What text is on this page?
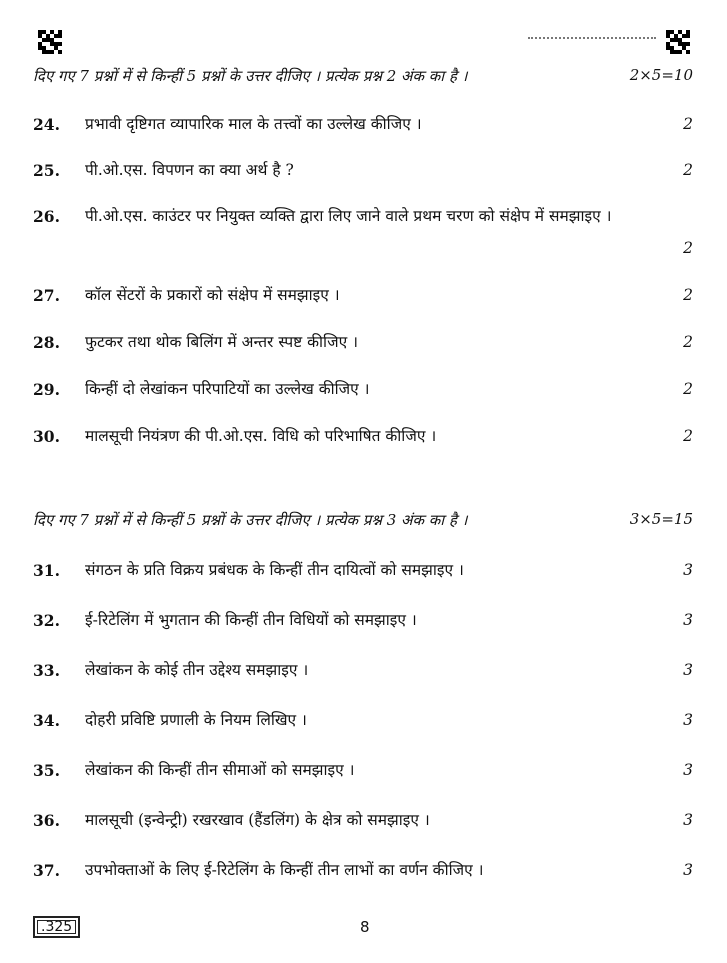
दिए गए 7 प्रश्नों में से किन्हीं 5 प्रश्नों के उत्तर दीजिए । प्रत्येक प्रश्न 2 अंक का है ।	2×5=10
24. प्रभावी दृष्टिगत व्यापारिक माल के तत्त्वों का उल्लेख कीजिए ।	2
25. पी.ओ.एस. विपणन का क्या अर्थ है ?	2
26. पी.ओ.एस. काउंटर पर नियुक्त व्यक्ति द्वारा लिए जाने वाले प्रथम चरण को संक्षेप में समझाइए ।
2
27. कॉल सेंटरों के प्रकारों को संक्षेप में समझाइए ।	2
28. फुटकर तथा थोक बिलिंग में अन्तर स्पष्ट कीजिए ।	2
29. किन्हीं दो लेखांकन परिपाटियों का उल्लेख कीजिए ।	2
30. मालसूची नियंत्रण की पी.ओ.एस. विधि को परिभाषित कीजिए ।	2
दिए गए 7 प्रश्नों में से किन्हीं 5 प्रश्नों के उत्तर दीजिए । प्रत्येक प्रश्न 3 अंक का है ।	3×5=15
31. संगठन के प्रति विक्रय प्रबंधक के किन्हीं तीन दायित्वों को समझाइए ।	3
32. ई-रिटेलिंग में भुगतान की किन्हीं तीन विधियों को समझाइए ।	3
33. लेखांकन के कोई तीन उद्देश्य समझाइए ।	3
34. दोहरी प्रविष्टि प्रणाली के नियम लिखिए ।	3
35. लेखांकन की किन्हीं तीन सीमाओं को समझाइए ।	3
36. मालसूची (इन्वेन्ट्री) रखरखाव (हैंडलिंग) के क्षेत्र को समझाइए ।	3
37. उपभोक्ताओं के लिए ई-रिटेलिंग के किन्हीं तीन लाभों का वर्णन कीजिए ।	3
.325	8
